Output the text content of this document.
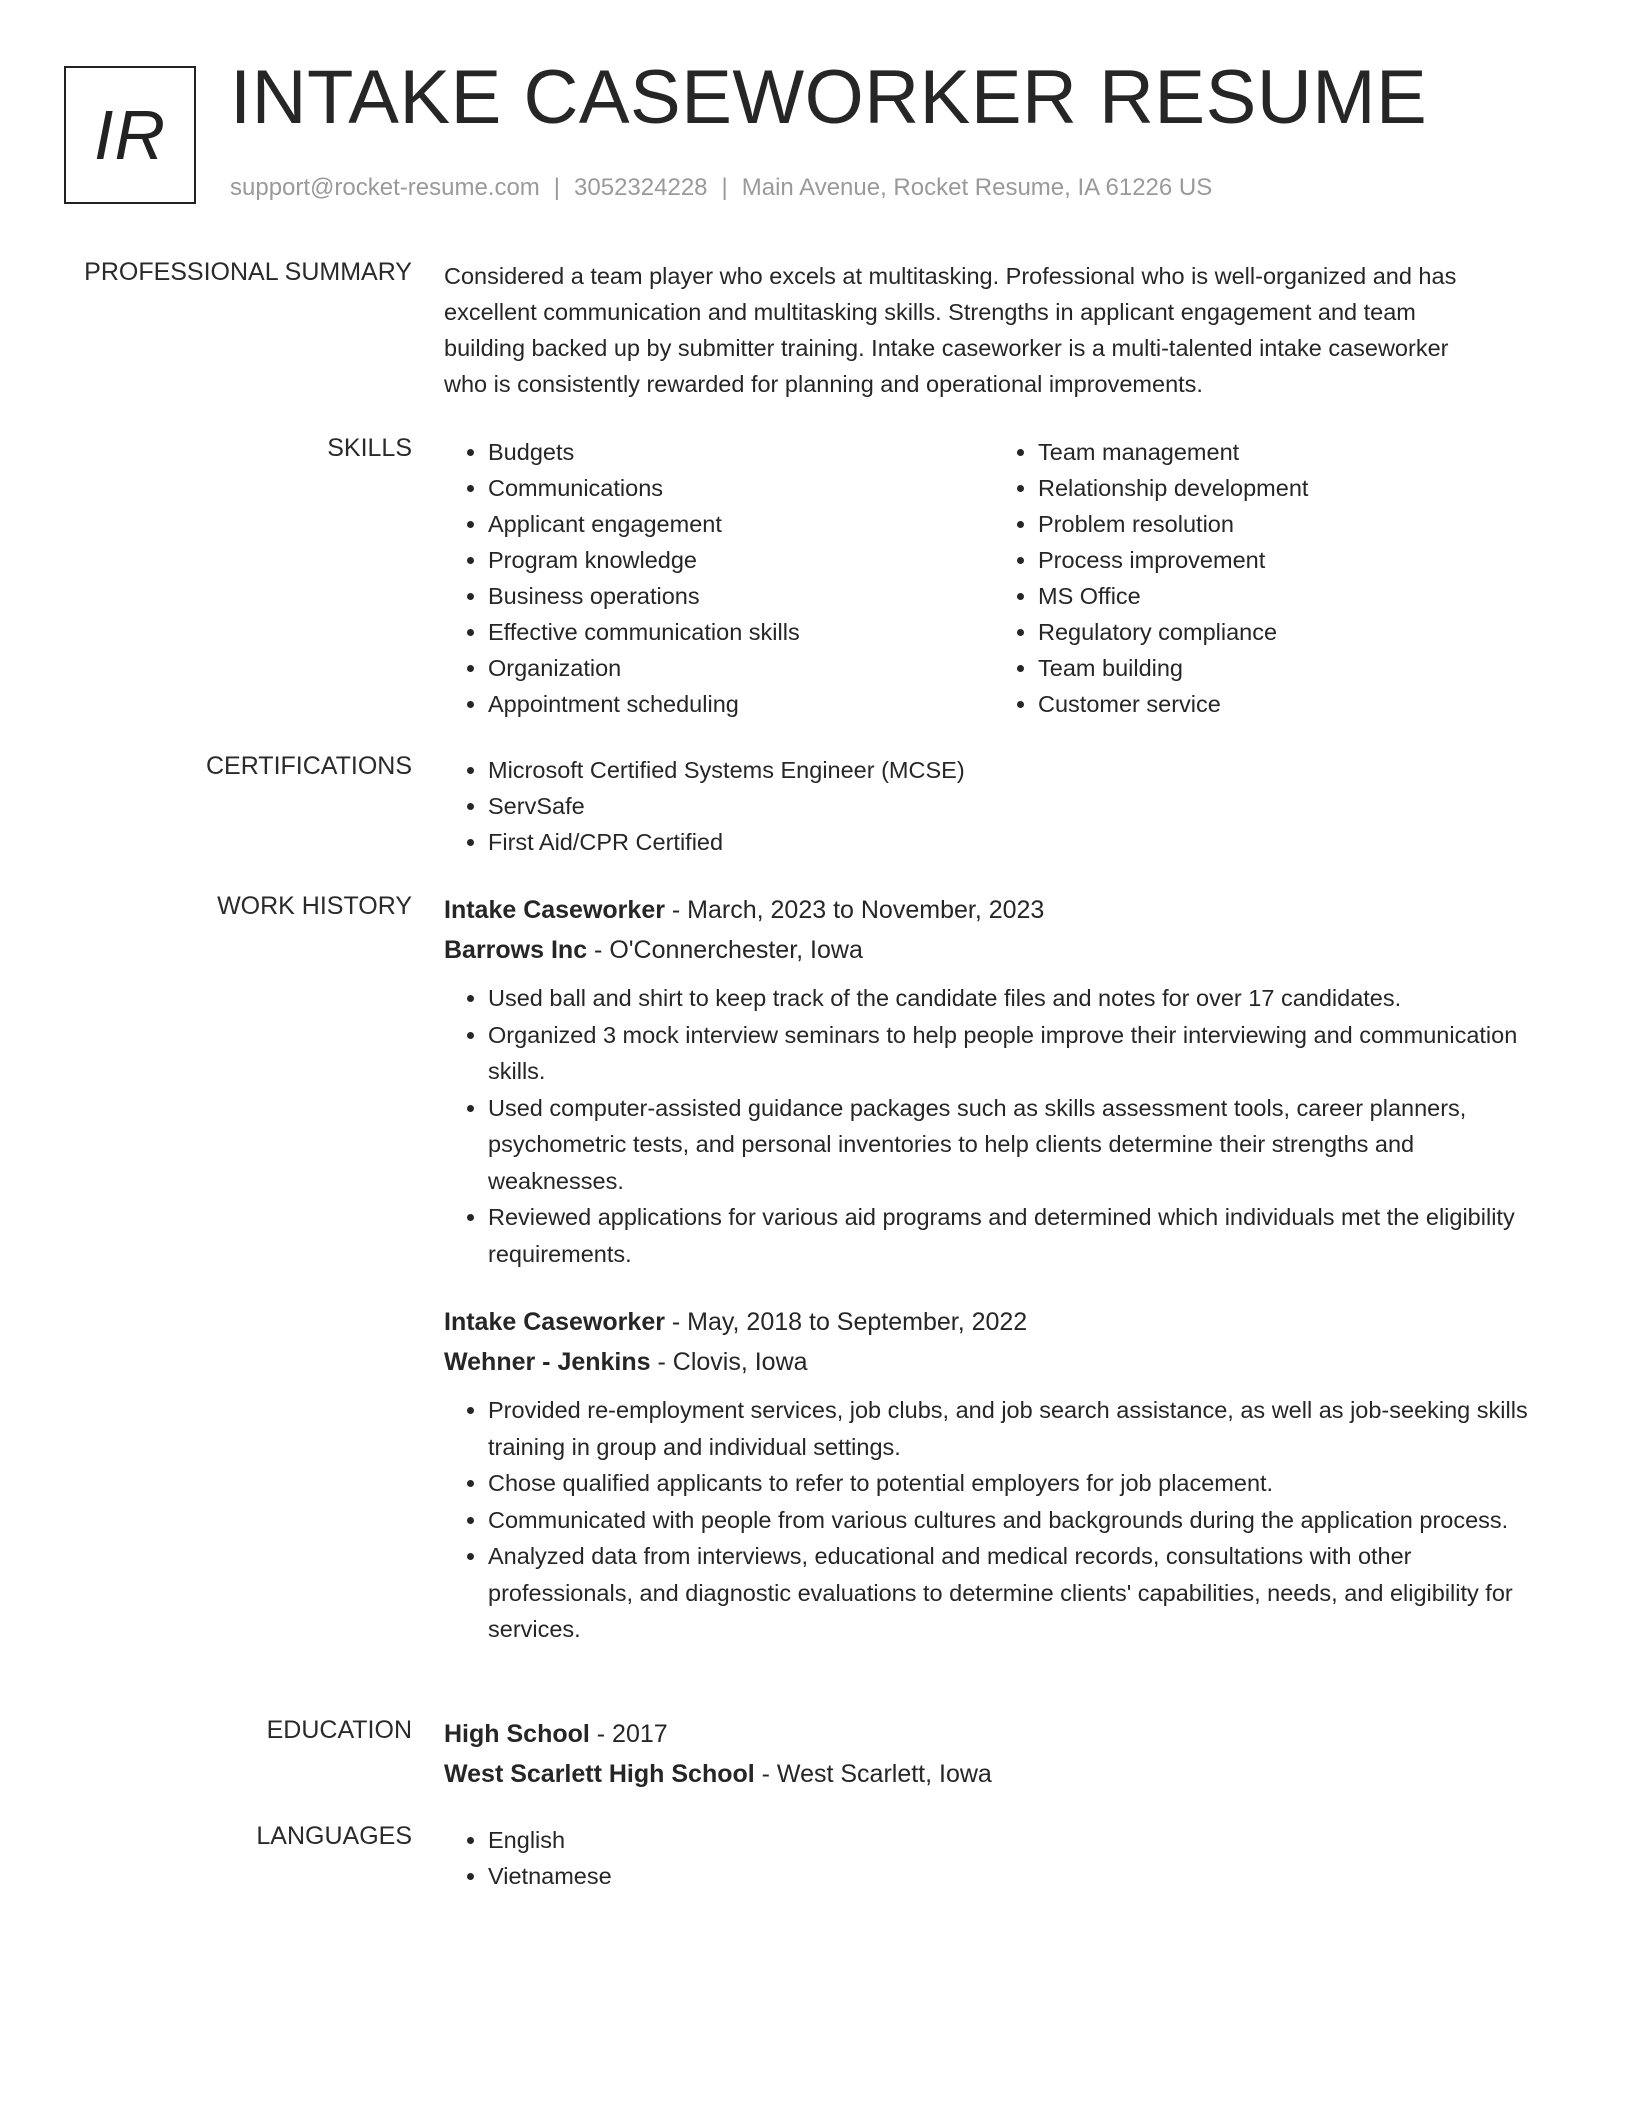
IR INTAKE CASEWORKER RESUME
support@rocket-resume.com | 3052324228 | Main Avenue, Rocket Resume, IA 61226 US
PROFESSIONAL SUMMARY Considered a team player who excels at multitasking. Professional who is well-organized and has

excellent communication and multitasking skills. Strengths in applicant engagement and team

building backed up by submitter training. Intake caseworker is a multi-talented intake caseworker

who is consistently rewarded for planning and operational improvements.

SKILLS	• Budgets
• Communications
• Applicant engagement
• Program knowledge
• Business operations
• Effective communication skills
• Organization
• Appointment scheduling
• Team management
• Relationship development
• Problem resolution
• Process improvement
• MS Office
• Regulatory compliance
• Team building
• Customer service
CERTIFICATIONS	• Microsoft Certified Systems Engineer (MCSE)
• ServSafe
• First Aid/CPR Certified
WORK HISTORY Intake Caseworker - March, 2023 to November, 2023
Barrows Inc - O'Connerchester, Iowa
• Used ball and shirt to keep track of the candidate files and notes for over 17 candidates.
• Organized 3 mock interview seminars to help people improve their interviewing and communication skills.
• Used computer-assisted guidance packages such as skills assessment tools, career planners, psychometric tests, and personal inventories to help clients determine their strengths and weaknesses.
• Reviewed applications for various aid programs and determined which individuals met the eligibility requirements.
Intake Caseworker - May, 2018 to September, 2022
Wehner - Jenkins - Clovis, Iowa
• Provided re-employment services, job clubs, and job search assistance, as well as job-seeking skills training in group and individual settings.
• Chose qualified applicants to refer to potential employers for job placement.
• Communicated with people from various cultures and backgrounds during the application process.
• Analyzed data from interviews, educational and medical records, consultations with other professionals, and diagnostic evaluations to determine clients' capabilities, needs, and eligibility for services.
EDUCATION High School - 2017
West Scarlett High School - West Scarlett, Iowa
LANGUAGES	• English
• Vietnamese
